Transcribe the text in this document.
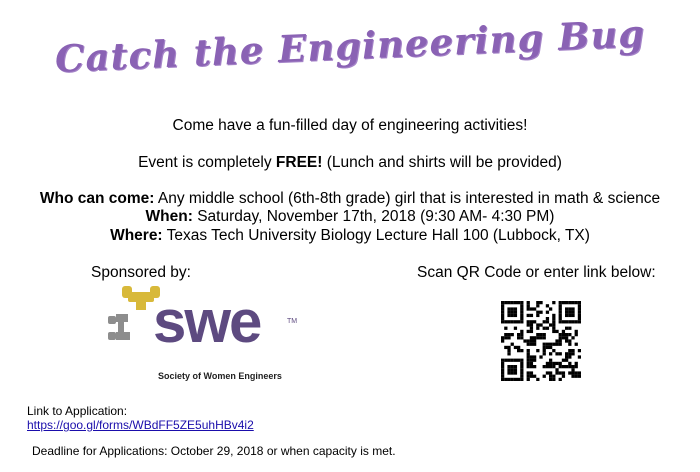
Catch the Engineering Bug
Come have a fun-filled day of engineering activities!
Event is completely FREE! (Lunch and shirts will be provided)
Who can come: Any middle school (6th-8th grade) girl that is interested in math & science
When: Saturday, November 17th, 2018 (9:30 AM- 4:30 PM)
Where: Texas Tech University Biology Lecture Hall 100 (Lubbock, TX)
Sponsored by:	Scan QR Code or enter link below:
swe	TM
Society of Women Engineers
Link to Application:
https://goo.gl/forms/WBdFF5ZE5uhHBv4i2
Deadline for Applications: October 29, 2018 or when capacity is met.
